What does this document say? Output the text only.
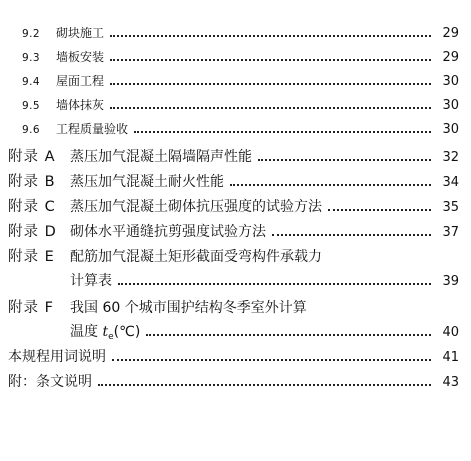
9.2	砌块施工	29
9.3	墙板安装	29
9.4	屋面工程	30
9.5	墙体抹灰	30
9.6	工程质量验收	30
附录 A	蒸压加气混凝土隔墙隔声性能	32
附录 B	蒸压加气混凝土耐火性能	34
附录 C	蒸压加气混凝土砌体抗压强度的试验方法	35
附录 D 砌体水平通缝抗剪强度试验方法	37
附录 E	配筋加气混凝土矩形截面受弯构件承载力
计算表	39
附录 F	我国 60 个城市围护结构冬季室外计算
温度 $t_e(℃)$	40
本规程用词说明	41
附：条文说明	43
